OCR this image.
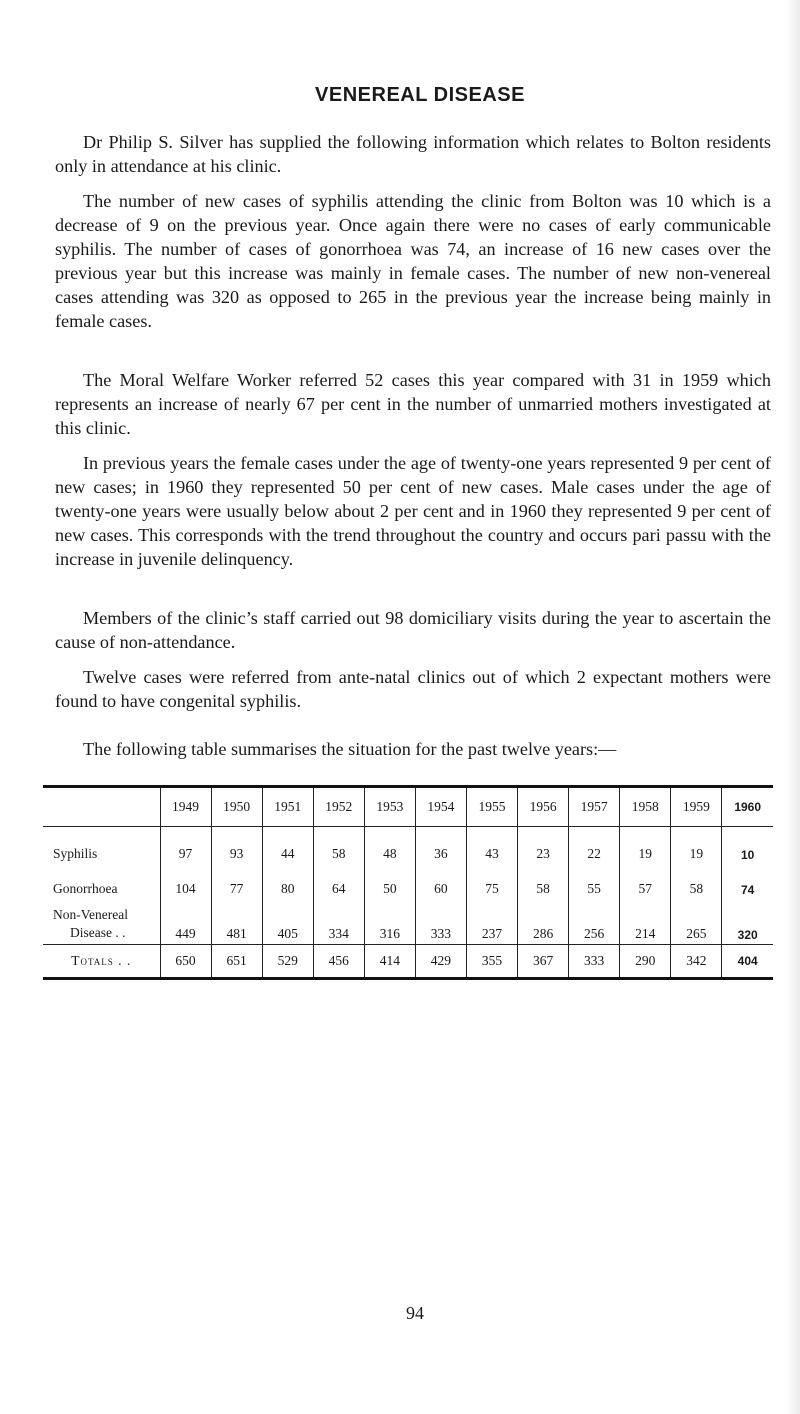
VENEREAL DISEASE

Dr Philip S. Silver has supplied the following information which relates to Bolton residents only in attendance at his clinic.

The number of new cases of syphilis attending the clinic from Bolton was 10 which is a decrease of 9 on the previous year. Once again there were no cases of early communicable syphilis. The number of cases of gonorrhoea was 74, an increase of 16 new cases over the previous year but this increase was mainly in female cases. The number of new non-venereal cases attending was 320 as opposed to 265 in the previous year the increase being mainly in female cases.

The Moral Welfare Worker referred 52 cases this year compared with 31 in 1959 which represents an increase of nearly 67 per cent in the number of unmarried mothers investigated at this clinic.

In previous years the female cases under the age of twenty-one years represented 9 per cent of new cases; in 1960 they represented 50 per cent of new cases. Male cases under the age of twenty-one years were usually below about 2 per cent and in 1960 they represented 9 per cent of new cases. This corresponds with the trend throughout the country and occurs pari passu with the increase in juvenile delinquency.

Members of the clinic’s staff carried out 98 domiciliary visits during the year to ascertain the cause of non-attendance.

Twelve cases were referred from ante-natal clinics out of which 2 expectant mothers were found to have congenital syphilis.

The following table summarises the situation for the past twelve years:—

	1949	1950	1951	1952	1953	1954	1955	1956	1957	1958	1959	1960
Syphilis	97	93	44	58	48	36	43	23	22	19	19	10
Gonorrhoea	104	77	80	64	50	60	75	58	55	57	58	74
Non-Venereal
Disease . .	449	481	405	334	316	333	237	286	256	214	265	320
Totals . .	650	651	529	456	414	429	355	367	333	290	342	404
94
